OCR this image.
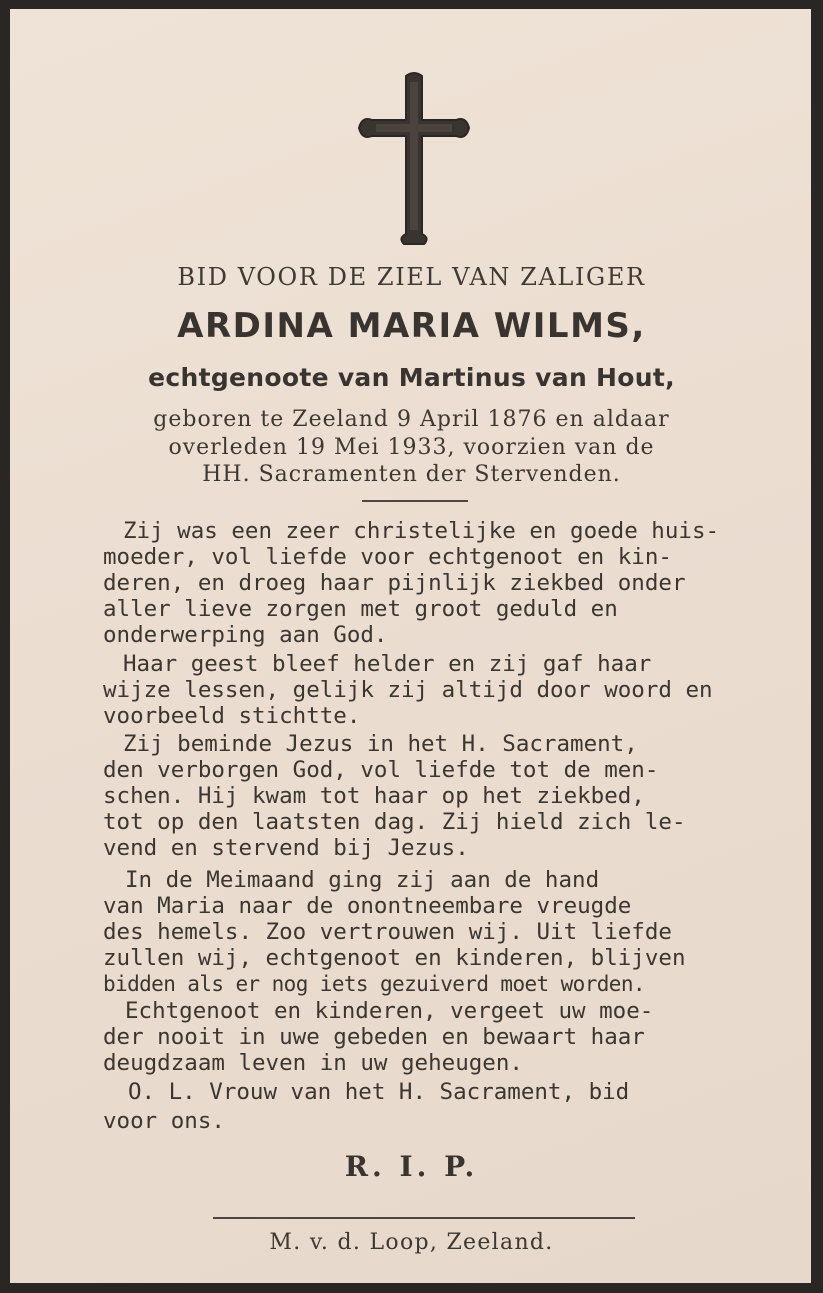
BID VOOR DE ZIEL VAN ZALIGER
ARDINA MARIA WILMS,
echtgenoote van Martinus van Hout,
geboren te Zeeland 9 April 1876 en aldaar
overleden 19 Mei 1933, voorzien van de
HH. Sacramenten der Stervenden.
Zij was een zeer christelijke en goede huis-
moeder, vol liefde voor echtgenoot en kin-
deren, en droeg haar pijnlijk ziekbed onder
aller lieve zorgen met groot geduld en
onderwerping aan God.
Haar geest bleef helder en zij gaf haar
wijze lessen, gelijk zij altijd door woord en
voorbeeld stichtte.
Zij beminde Jezus in het H. Sacrament,
den verborgen God, vol liefde tot de men-
schen. Hij kwam tot haar op het ziekbed,
tot op den laatsten dag. Zij hield zich le-
vend en stervend bij Jezus.
In de Meimaand ging zij aan de hand
van Maria naar de onontneembare vreugde
des hemels. Zoo vertrouwen wij. Uit liefde
zullen wij, echtgenoot en kinderen, blijven
bidden als er nog iets gezuiverd moet worden.
Echtgenoot en kinderen, vergeet uw moe-
der nooit in uwe gebeden en bewaart haar
deugdzaam leven in uw geheugen.
O. L. Vrouw van het H. Sacrament, bid
voor ons.
R. I. P.
M. v. d. Loop, Zeeland.
